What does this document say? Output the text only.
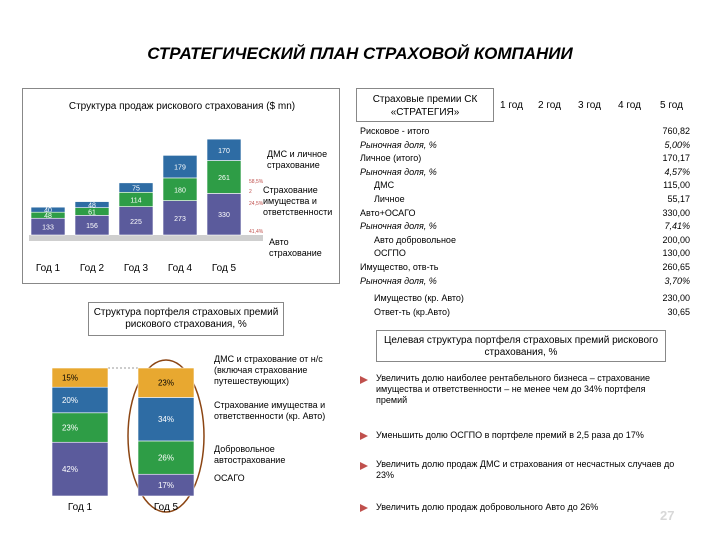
СТРАТЕГИЧЕСКИЙ ПЛАН СТРАХОВОЙ КОМПАНИИ
Структура продаж рискового страхования ($ mn)
133
48
40
Год 1
156
61
48
Год 2
225
114
75
Год 3
273
180
179
Год 4
330
261
170
Год 5
58,5%
2
24,5%
41,4%
ДМС и личное страхование
Страхование имущества и ответственности
Авто страхование
Структура портфеля страховых премий рискового страхования, %
42%
23%
20%
15%
Год 1
17%
26%
34%
23%
Год 5
ДМС и страхование от н/с (включая страхование путешествующих)
Страхование имущества и ответственности (кр. Авто)
Добровольное автострахование
ОСАГО
Страховые премии СК «СТРАТЕГИЯ»
1 год 2 год 3 год 4 год 5 год
Рисковое - итого	760,82
Рыночная доля, %	5,00%
Личное (итого)	170,17
Рыночная доля, %	4,57%
ДМС	115,00
Личное	55,17
Авто+ОСАГО	330,00
Рыночная доля, %	7,41%
Авто добровольное	200,00
ОСГПО	130,00
Имущество, отв-ть	260,65
Рыночная доля, %	3,70%
Имущество (кр. Авто)	230,00
Ответ-ть (кр.Авто)	30,65
Целевая структура портфеля страховых премий рискового страхования, %
Увеличить долю наиболее рентабельного бизнеса – страхование имущества и ответственности – не менее чем до 34% портфеля премий
Уменьшить долю ОСГПО в портфеле премий в 2,5 раза до 17%
Увеличить долю продаж ДМС и страхования от несчастных случаев до 23%
Увеличить долю продаж добровольного Авто до 26%
27
